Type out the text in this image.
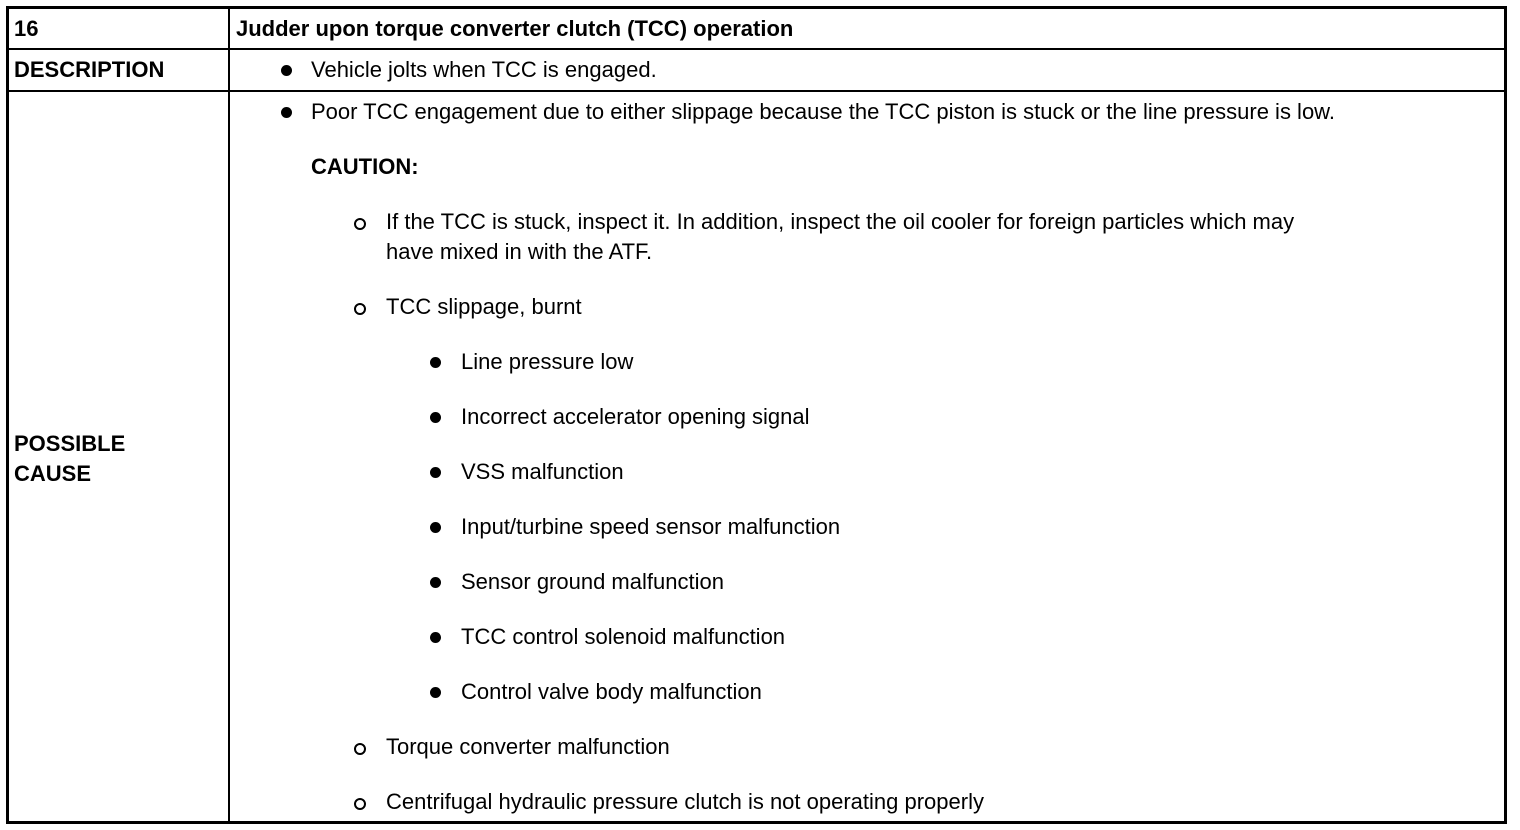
16	Judder upon torque converter clutch (TCC) operation
DESCRIPTION	Vehicle jolts when TCC is engaged.
POSSIBLE
CAUSE
Poor TCC engagement due to either slippage because the TCC piston is stuck or the line pressure is low.
CAUTION:
If the TCC is stuck, inspect it. In addition, inspect the oil cooler for foreign particles which may
have mixed in with the ATF.
TCC slippage, burnt
Line pressure low
Incorrect accelerator opening signal
VSS malfunction
Input/turbine speed sensor malfunction
Sensor ground malfunction
TCC control solenoid malfunction
Control valve body malfunction
Torque converter malfunction
Centrifugal hydraulic pressure clutch is not operating properly
